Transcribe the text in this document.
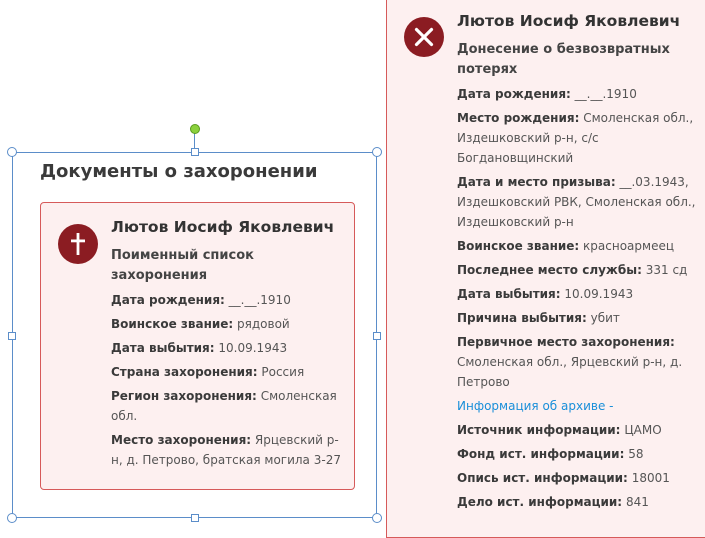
Документы о захоронении
Лютов Иосиф Яковлевич
Поименный список захоронения
Дата рождения: __.__.1910
Воинское звание: рядовой
Дата выбытия: 10.09.1943
Страна захоронения: Россия
Регион захоронения: Смоленская обл.
Место захоронения: Ярцевский р-н, д. Петрово, братская могила 3-27
Лютов Иосиф Яковлевич
Донесение о безвозвратных потерях
Дата рождения: __.__.1910
Место рождения: Смоленская обл., Издешковский р-н, с/с Богдановщинский
Дата и место призыва: __.03.1943, Издешковский РВК, Смоленская обл., Издешковский р-н
Воинское звание: красноармеец
Последнее место службы: 331 сд
Дата выбытия: 10.09.1943
Причина выбытия: убит
Первичное место захоронения: Смоленская обл., Ярцевский р-н, д. Петрово
Информация об архиве -
Источник информации: ЦАМО
Фонд ист. информации: 58
Опись ист. информации: 18001
Дело ист. информации: 841
